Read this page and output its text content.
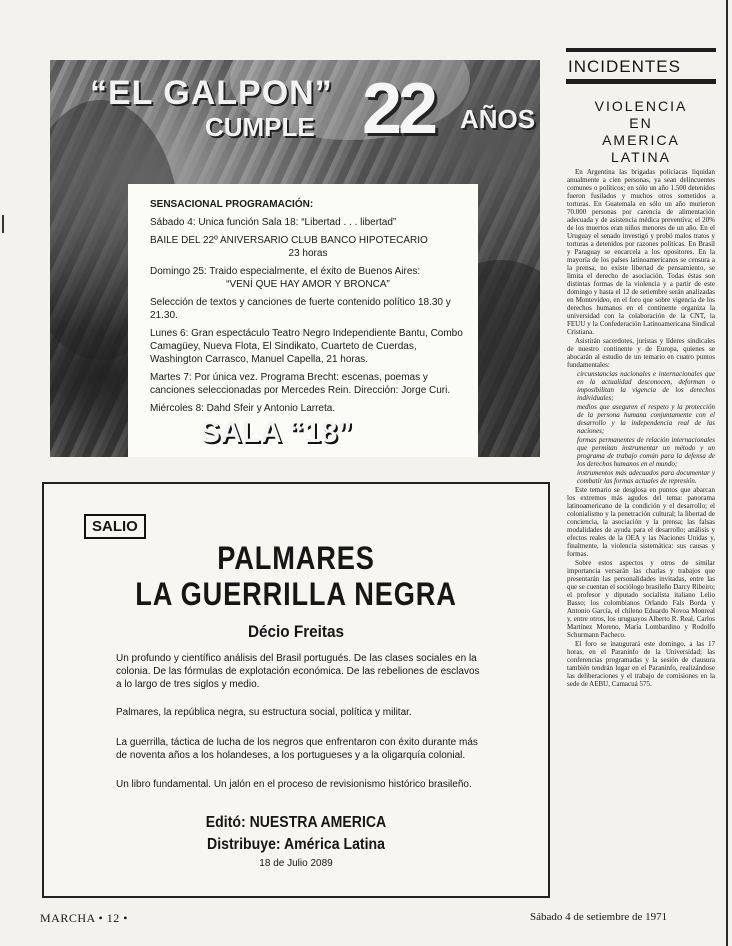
“EL GALPON”
CUMPLE 22 AÑOS
SENSACIONAL PROGRAMACIÓN:

Sábado 4: Unica función Sala 18: “Libertad . . . libertad”

BAILE DEL 22º ANIVERSARIO CLUB BANCO HIPOTECARIO

23 horas

Domingo 25: Traido especialmente, el éxito de Buenos Aires:

“VENÍ QUE HAY AMOR Y BRONCA”

Selección de textos y canciones de fuerte contenido político 18.30 y 21.30.

Lunes 6: Gran espectáculo Teatro Negro Independiente Bantu, Combo Camagüey, Nueva Flota, El Sindikato, Cuarteto de Cuerdas, Washington Carrasco, Manuel Capella, 21 horas.

Martes 7: Por única vez. Programa Brecht: escenas, poemas y canciones seleccionadas por Mercedes Rein. Dirección: Jorge Curi.

Miércoles 8: Dahd Sfeir y Antonio Larreta.

SALA “18”
SALIO
PALMARES
LA GUERRILLA NEGRA
Décio Freitas
Un profundo y científico análisis del Brasil portugués. De las clases sociales en la colonia. De las fórmulas de explotación económica. De las rebeliones de esclavos a lo largo de tres siglos y medio.
Palmares, la república negra, su estructura social, política y militar.
La guerrilla, táctica de lucha de los negros que enfrentaron con éxito durante más de noventa años a los holandeses, a los portugueses y a la oligarquía colonial.
Un libro fundamental. Un jalón en el proceso de revisionismo histórico brasileño.
Editó: NUESTRA AMERICA
Distribuye: América Latina
18 de Julio 2089
INCIDENTES
VIOLENCIA
EN
AMERICA
LATINA

En Argentina las brigadas policíacas liquidan anualmente a cien personas, ya sean delincuentes comunes o políticos; en sólo un año 1.500 detenidos fueron fusilados y muchos otros sometidos a torturas. En Guatemala en sólo un año murieron 70.000 personas por carencia de alimentación adecuada y de asistencia médica preventiva; el 20% de los muertos eran niños menores de un año. En el Uruguay el senado investigó y probó malos tratos y torturas a detenidos por razones políticas. En Brasil y Paraguay se encarcela a los opositores. En la mayoría de los países latinoamericanos se censura a la prensa, no existe libertad de pensamiento, se limita el derecho de asociación. Todas éstas son distintas formas de la violencia y a partir de este domingo y hasta el 12 de setiembre serán analizadas en Montevideo, en el foro que sobre vigencia de los derechos humanos en el continente organiza la universidad con la colaboración de la CNT, la FEUU y la Confederación Latinoamericana Sindical Cristiana.

Asistirán sacerdotes, juristas y líderes sindicales de nuestro continente y de Europa, quienes se abocarán al estudio de un temario en cuatro puntos fundamentales:

circunstancias nacionales e internacionales que en la actualidad desconocen, deforman o imposibilitan la vigencia de los derechos individuales;

medios que aseguren el respeto y la protección de la persona humana conjuntamente con el desarrollo y la independencia real de las naciones;

formas permanentes de relación internacionales que permitan instrumentar un método y un programa de trabajo común para la defensa de los derechos humanos en el mundo;

instrumentos más adecuados para documentar y combatir las formas actuales de represión.

Este temario se desglosa en puntos que abarcan los extremos más agudos del tema: panorama latinoamericano de la condición y el desarrollo; el colonialismo y la penetración cultural; la libertad de conciencia, la asociación y la prensa; las falsas modalidades de ayuda para el desarrollo; análisis y efectos reales de la OEA y las Naciones Unidas y, finalmente, la violencia sistemática: sus causas y formas.

Sobre estos aspectos y otros de similar importancia versarán las charlas y trabajos que presentarán las personalidades invitadas, entre las que se cuentan el sociólogo brasileño Darcy Ribeiro; el profesor y diputado socialista italiano Lelio Basso; los colombianos Orlando Fals Borda y Antonio García, el chileno Eduardo Novoa Monreal y, entre otros, los uruguayos Alberto R. Real, Carlos Martínez Moreno, María Lombardino y Rodolfo Schurmann Pacheco.

El foro se inaugurará este domingo, a las 17 horas, en el Paraninfo de la Universidad; las conferencias programadas y la sesión de clausura también tendrán lugar en el Paraninfo, realizándose las deliberaciones y el trabajo de comisiones en la sede de AEBU, Camacuá 575.

MARCHA • 12 •	Sábado 4 de setiembre de 1971
